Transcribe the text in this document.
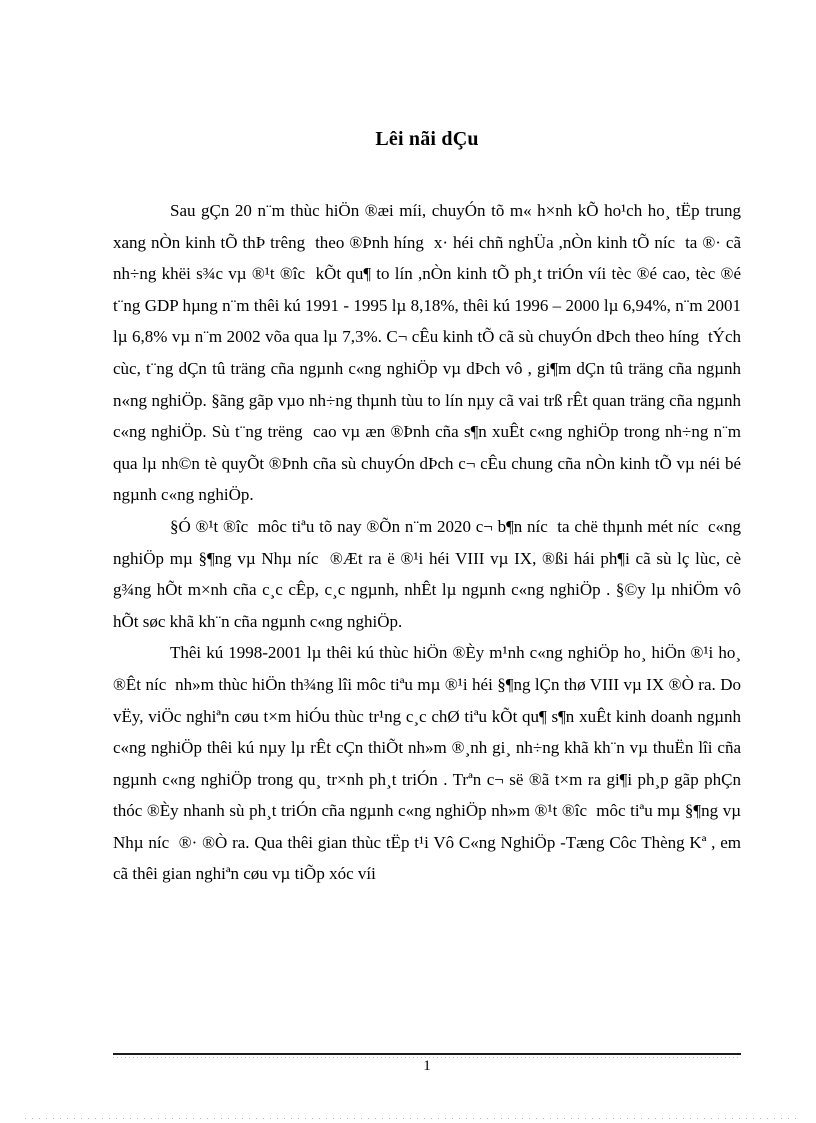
Lêi nãi dÇu

Sau gÇn 20 n¨m thùc hiÖn ®æi míi, chuyÓn tõ m« h×nh kÕ ho¹ch ho¸ tËp trung xang nÒn kinh tÕ thÞ trêng  theo ®Þnh híng  x· héi chñ nghÜa ,nÒn kinh tÕ níc  ta ®· cã nh÷ng khëi s¾c vµ ®¹t ®îc  kÕt qu¶ to lín ,nÒn kinh tÕ ph¸t triÓn víi tèc ®é cao, tèc ®é t¨ng GDP hµng n¨m thêi kú 1991 - 1995 lµ 8,18%, thêi kú 1996 – 2000 lµ 6,94%, n¨m 2001 lµ 6,8% vµ n¨m 2002 võa qua lµ 7,3%. C¬ cÊu kinh tÕ cã sù chuyÓn dÞch theo híng  tÝch cùc, t¨ng dÇn tû träng cña ngµnh c«ng nghiÖp vµ dÞch vô , gi¶m dÇn tû träng cña ngµnh n«ng nghiÖp. §ãng gãp vµo nh÷ng thµnh tùu to lín nµy cã vai trß rÊt quan träng cña ngµnh c«ng nghiÖp. Sù t¨ng trëng  cao vµ æn ®Þnh cña s¶n xuÊt c«ng nghiÖp trong nh÷ng n¨m qua lµ nh©n tè quyÕt ®Þnh cña sù chuyÓn dÞch c¬ cÊu chung cña nÒn kinh tÕ vµ néi bé ngµnh c«ng nghiÖp.

§Ó ®¹t ®îc  môc tiªu tõ nay ®Õn n¨m 2020 c¬ b¶n níc  ta chë thµnh mét níc  c«ng nghiÖp mµ §¶ng vµ Nhµ níc  ®Æt ra ë ®¹i héi VIII vµ IX, ®ßi hái ph¶i cã sù lç lùc, cè g¾ng hÕt m×nh cña c¸c cÊp, c¸c ngµnh, nhÊt lµ ngµnh c«ng nghiÖp . §©y lµ nhiÖm vô hÕt søc khã kh¨n cña ngµnh c«ng nghiÖp.

Thêi kú 1998-2001 lµ thêi kú thùc hiÖn ®Èy m¹nh c«ng nghiÖp ho¸ hiÖn ®¹i ho¸ ®Êt níc  nh»m thùc hiÖn th¾ng lîi môc tiªu mµ ®¹i héi §¶ng lÇn thø VIII vµ IX ®Ò ra. Do vËy, viÖc nghiªn cøu t×m hiÓu thùc tr¹ng c¸c chØ tiªu kÕt qu¶ s¶n xuÊt kinh doanh ngµnh c«ng nghiÖp thêi kú nµy lµ rÊt cÇn thiÕt nh»m ®¸nh gi¸ nh÷ng khã kh¨n vµ thuËn lîi cña ngµnh c«ng nghiÖp trong qu¸ tr×nh ph¸t triÓn . Trªn c¬ së ®ã t×m ra gi¶i ph¸p gãp phÇn thóc ®Èy nhanh sù ph¸t triÓn cña ngµnh c«ng nghiÖp nh»m ®¹t ®îc  môc tiªu mµ §¶ng vµ Nhµ níc  ®· ®Ò ra. Qua thêi gian thùc tËp t¹i Vô C«ng NghiÖp -Tæng Côc Thèng Kª , em cã thêi gian nghiªn cøu vµ tiÕp xóc víi

1
